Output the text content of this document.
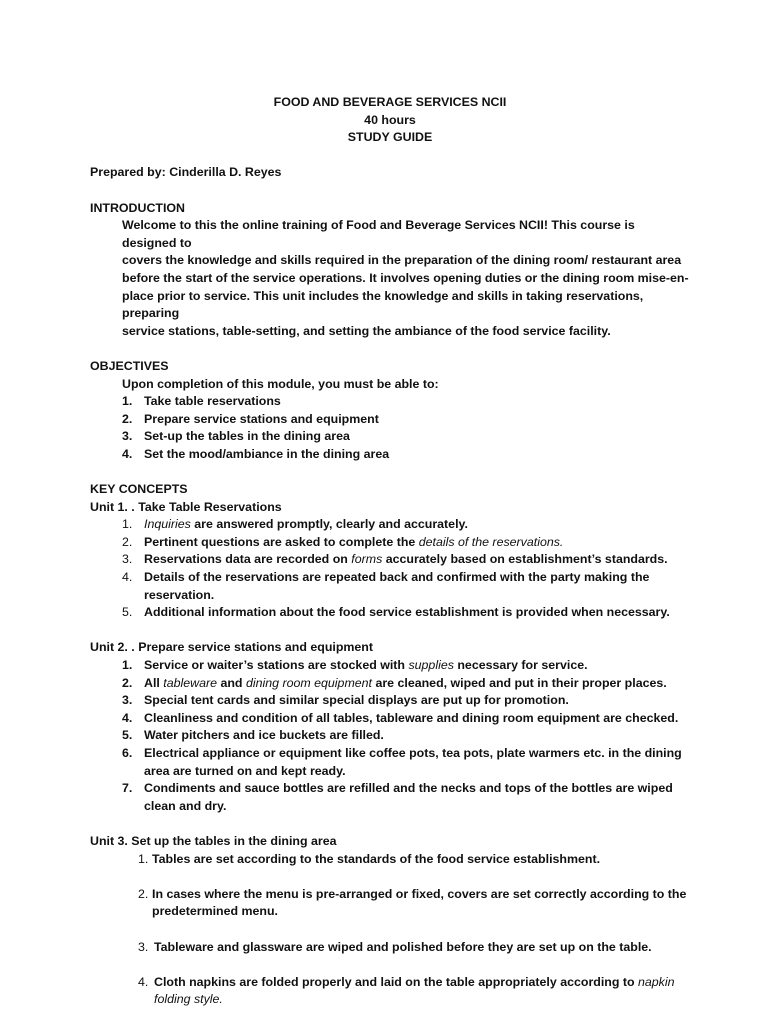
FOOD AND BEVERAGE SERVICES NCII
40 hours
STUDY GUIDE
Prepared by: Cinderilla D. Reyes
INTRODUCTION
Welcome to this the online training of Food and Beverage Services NCII! This course is designed to
covers the knowledge and skills required in the preparation of the dining room/ restaurant area
before the start of the service operations. It involves opening duties or the dining room mise-en-
place prior to service. This unit includes the knowledge and skills in taking reservations, preparing
service stations, table-setting, and setting the ambiance of the food service facility.
OBJECTIVES
Upon completion of this module, you must be able to:
1. Take table reservations
2. Prepare service stations and equipment
3. Set-up the tables in the dining area
4. Set the mood/ambiance in the dining area
KEY CONCEPTS
Unit 1. . Take Table Reservations
1. Inquiries are answered promptly, clearly and accurately.
2. Pertinent questions are asked to complete the details of the reservations.
3. Reservations data are recorded on forms accurately based on establishment’s standards.
4. Details of the reservations are repeated back and confirmed with the party making the reservation.
5. Additional information about the food service establishment is provided when necessary.
Unit 2. . Prepare service stations and equipment
1. Service or waiter’s stations are stocked with supplies necessary for service.
2. All tableware and dining room equipment are cleaned, wiped and put in their proper places.
3. Special tent cards and similar special displays are put up for promotion.
4. Cleanliness and condition of all tables, tableware and dining room equipment are checked.
5. Water pitchers and ice buckets are filled.
6. Electrical appliance or equipment like coffee pots, tea pots, plate warmers etc. in the dining area are turned on and kept ready.
7. Condiments and sauce bottles are refilled and the necks and tops of the bottles are wiped clean and dry.
Unit 3. Set up the tables in the dining area
1. Tables are set according to the standards of the food service establishment.
2. In cases where the menu is pre-arranged or fixed, covers are set correctly according to the predetermined menu.
3. Tableware and glassware are wiped and polished before they are set up on the table.
4. Cloth napkins are folded properly and laid on the table appropriately according to napkin folding style.
